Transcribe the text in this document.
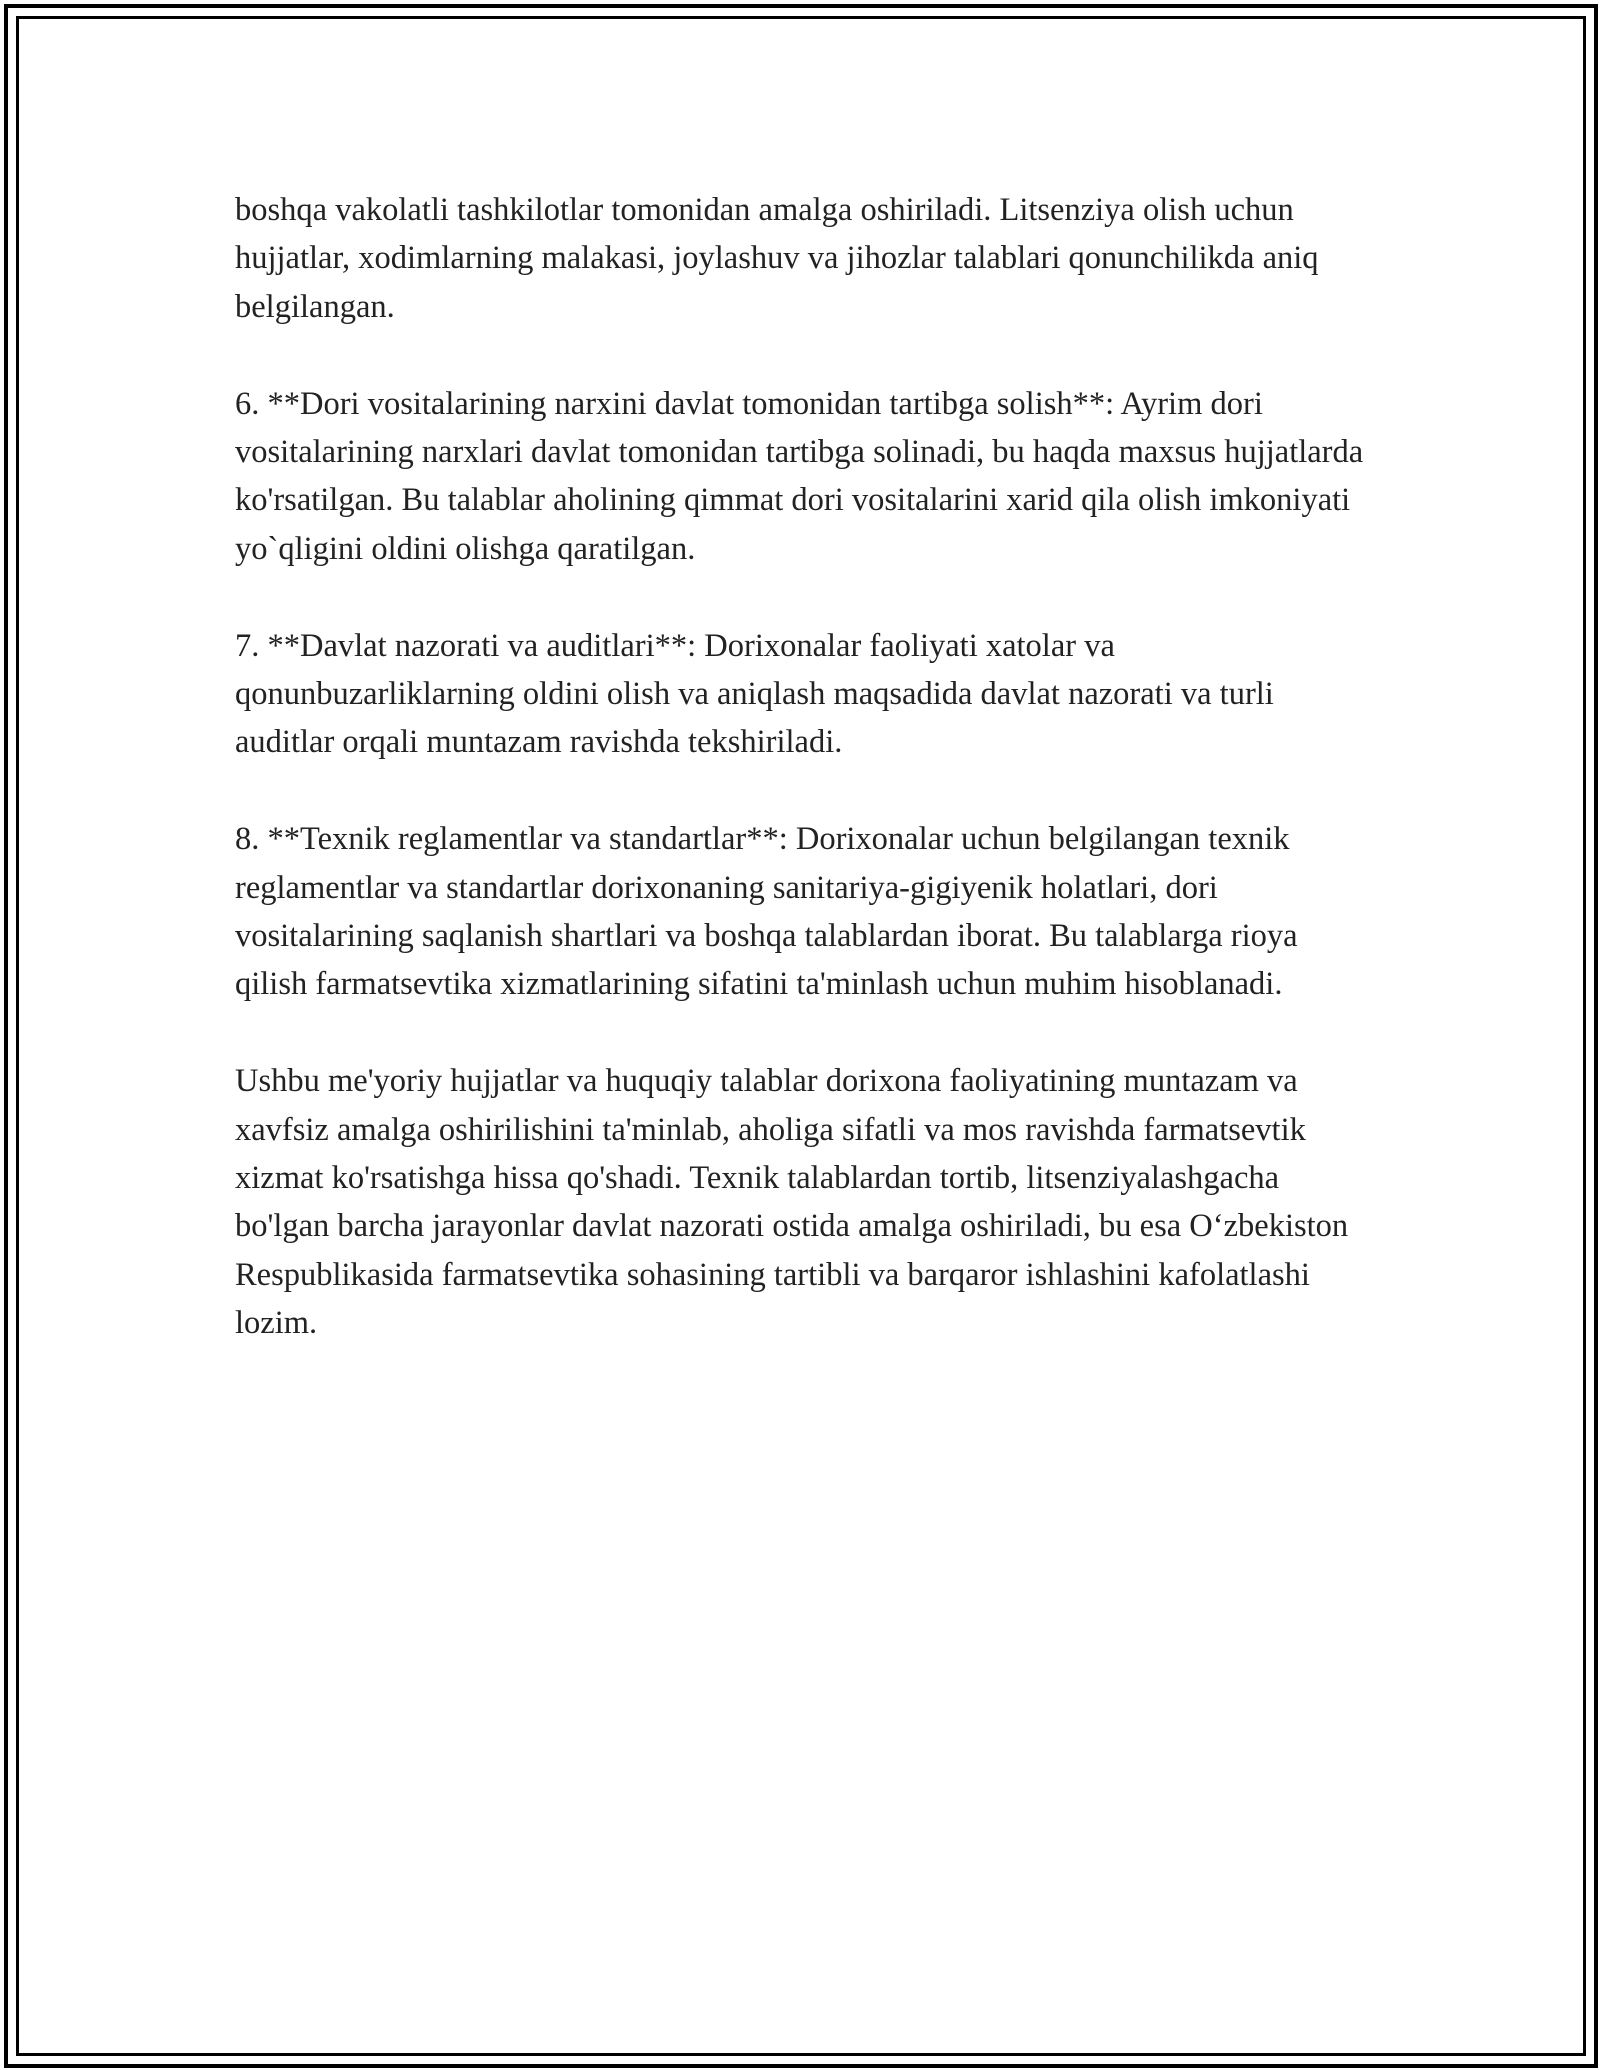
boshqa vakolatli tashkilotlar tomonidan amalga oshiriladi. Litsenziya olish uchun hujjatlar, xodimlarning malakasi, joylashuv va jihozlar talablari qonunchilikda aniq belgilangan.

6. **Dori vositalarining narxini davlat tomonidan tartibga solish**: Ayrim dori vositalarining narxlari davlat tomonidan tartibga solinadi, bu haqda maxsus hujjatlarda ko'rsatilgan. Bu talablar aholining qimmat dori vositalarini xarid qila olish imkoniyati yo`qligini oldini olishga qaratilgan.

7. **Davlat nazorati va auditlari**: Dorixonalar faoliyati xatolar va qonunbuzarliklarning oldini olish va aniqlash maqsadida davlat nazorati va turli auditlar orqali muntazam ravishda tekshiriladi.

8. **Texnik reglamentlar va standartlar**: Dorixonalar uchun belgilangan texnik reglamentlar va standartlar dorixonaning sanitariya-gigiyenik holatlari, dori vositalarining saqlanish shartlari va boshqa talablardan iborat. Bu talablarga rioya qilish farmatsevtika xizmatlarining sifatini ta'minlash uchun muhim hisoblanadi.

Ushbu me'yoriy hujjatlar va huquqiy talablar dorixona faoliyatining muntazam va xavfsiz amalga oshirilishini ta'minlab, aholiga sifatli va mos ravishda farmatsevtik xizmat ko'rsatishga hissa qo'shadi. Texnik talablardan tortib, litsenziyalashgacha bo'lgan barcha jarayonlar davlat nazorati ostida amalga oshiriladi, bu esa O‘zbekiston Respublikasida farmatsevtika sohasining tartibli va barqaror ishlashini kafolatlashi lozim.
